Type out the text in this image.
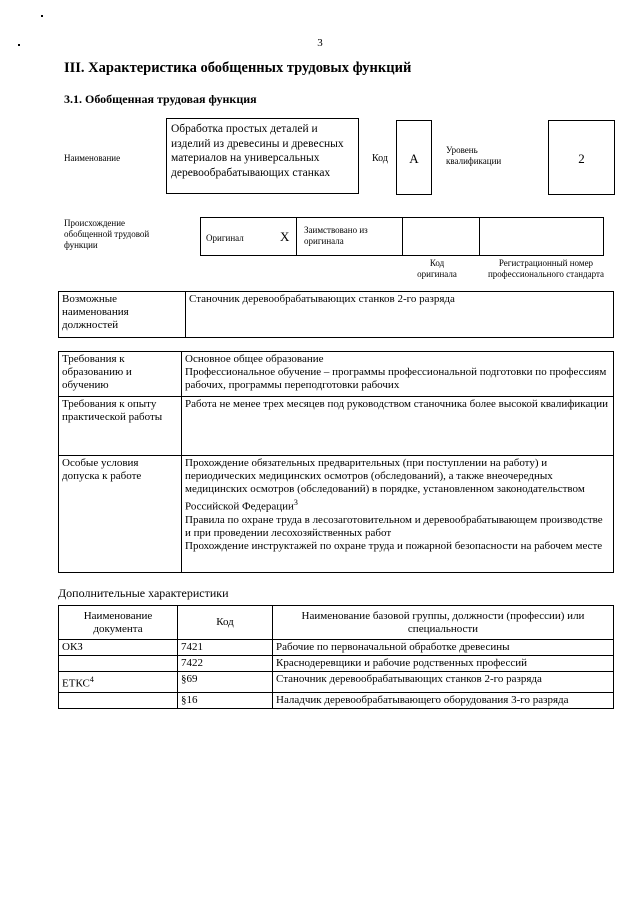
3
III. Характеристика обобщенных трудовых функций
3.1. Обобщенная трудовая функция
Наименование
Обработка простых деталей и изделий из древесины и древесных материалов на универсальных деревообрабатывающих станках
Код	А
Уровень квалификации	2
Происхождение обобщенной трудовой функции
Оригинал	X Заимствовано из оригинала
Код оригинала
Регистрационный номер профессионального стандарта
Возможные наименования должностей	Станочник деревообрабатывающих станков 2-го разряда
Требования к образованию и обучению	Основное общее образование
Профессиональное обучение – программы профессиональной подготовки по профессиям рабочих, программы переподготовки рабочих

Требования к опыту практической работы	Работа не менее трех месяцев под руководством станочника более высокой квалификации

Особые условия допуска к работе	Прохождение обязательных предварительных (при поступлении на работу) и периодических медицинских осмотров (обследований), а также внеочередных медицинских осмотров (обследований) в порядке, установленном законодательством Российской Федерации$^3$
Правила по охране труда в лесозаготовительном и деревообрабатывающем производстве и при проведении лесохозяйственных работ
Прохождение инструктажей по охране труда и пожарной безопасности на рабочем месте
Дополнительные характеристики
Наименование документа	Код	Наименование базовой группы, должности (профессии) или специальности
ОКЗ	7421	Рабочие по первоначальной обработке древесины
	7422	Краснодеревщики и рабочие родственных профессий
ЕТКС$^4$	§69	Станочник деревообрабатывающих станков 2-го разряда
	§16	Наладчик деревообрабатывающего оборудования 3-го разряда
